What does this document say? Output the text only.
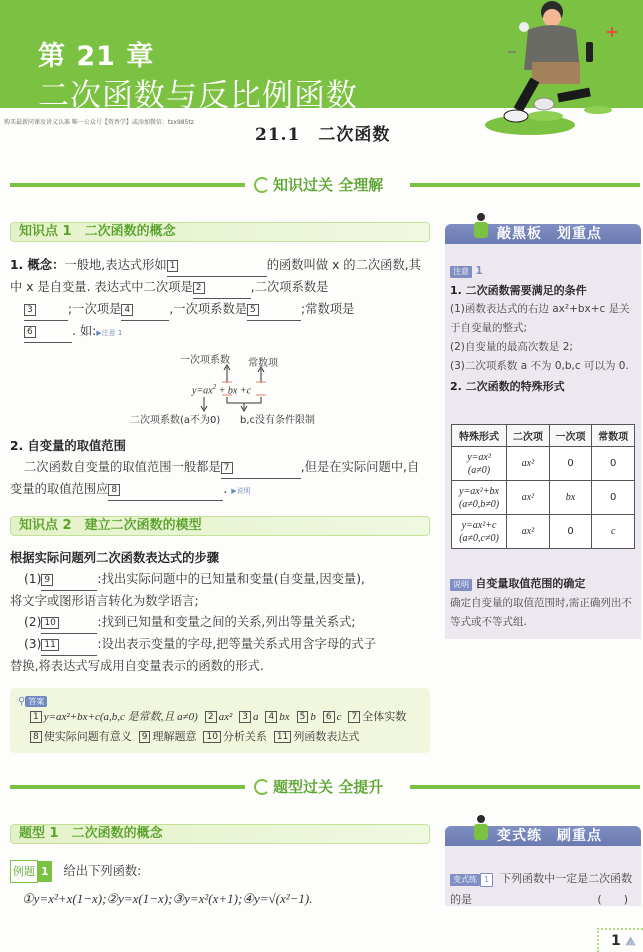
第 21 章
二次函数与反比例函数
购买最新同课及讲义认准 唯一公众号【资香学】或添加微信：tzx985tz
21.1　二次函数
知识过关 全理解
知识点 1　二次函数的概念
1. 概念：一般地,表达式形如 1	的函数叫做 x 的二次函数,其中 x 是自变量. 表达式中二次项是 2	,二次项系数是
3	;一次项是 4	,一次项系数是 5	;常数项是
6	. 如:▶注意 1
一次项系数 常数项
$y=ax^2$ + bx +c
二次项系数(a不为0) b,c没有条件限制
2. 自变量的取值范围
二次函数自变量的取值范围一般都是 7	,但是在实际问题中,自变量的取值范围应 8	. ▶说明
知识点 2　建立二次函数的模型
根据实际问题列二次函数表达式的步骤
(1) 9	:找出实际问题中的已知量和变量(自变量,因变量),
将文字或图形语言转化为数学语言;
(2) 10	:找到已知量和变量之间的关系,列出等量关系式;
(3) 11	:设出表示变量的字母,把等量关系式用含字母的式子
替换,将表达式写成用自变量表示的函数的形式.
⚲ 答案
1 y=ax²+bx+c(a,b,c 是常数,且 a≠0) 2 ax² 3 a 4 bx 5 b 6 c 7 全体实数  8 使实际问题有意义 9 理解题意 10 分析关系 11 列函数表达式
敲黑板　划重点
注意 1
1. 二次函数需要满足的条件
(1)函数表达式的右边 ax²+bx+c 是关于自变量的整式;
(2)自变量的最高次数是 2;
(3)二次项系数 a 不为 0,b,c 可以为 0.
2. 二次函数的特殊形式
特殊形式	二次项	一次项	常数项
y=ax²
(a≠0)	ax²	0	0
y=ax²+bx
(a≠0,b≠0)	ax²	bx	0
y=ax²+c
(a≠0,c≠0)	ax²	0	c
说明 自变量取值范围的确定
确定自变量的取值范围时,需正确列出不等式或不等式组.
题型过关 全提升
题型 1　二次函数的概念
例题 1 给出下列函数:
①y=x²+x(1−x);②y=x(1−x);③y=x²(x+1);④y=√(x²−1).
变式练　刷重点
变式练 1 下列函数中一定是二次函数的是	(　　)
1 ⟁
